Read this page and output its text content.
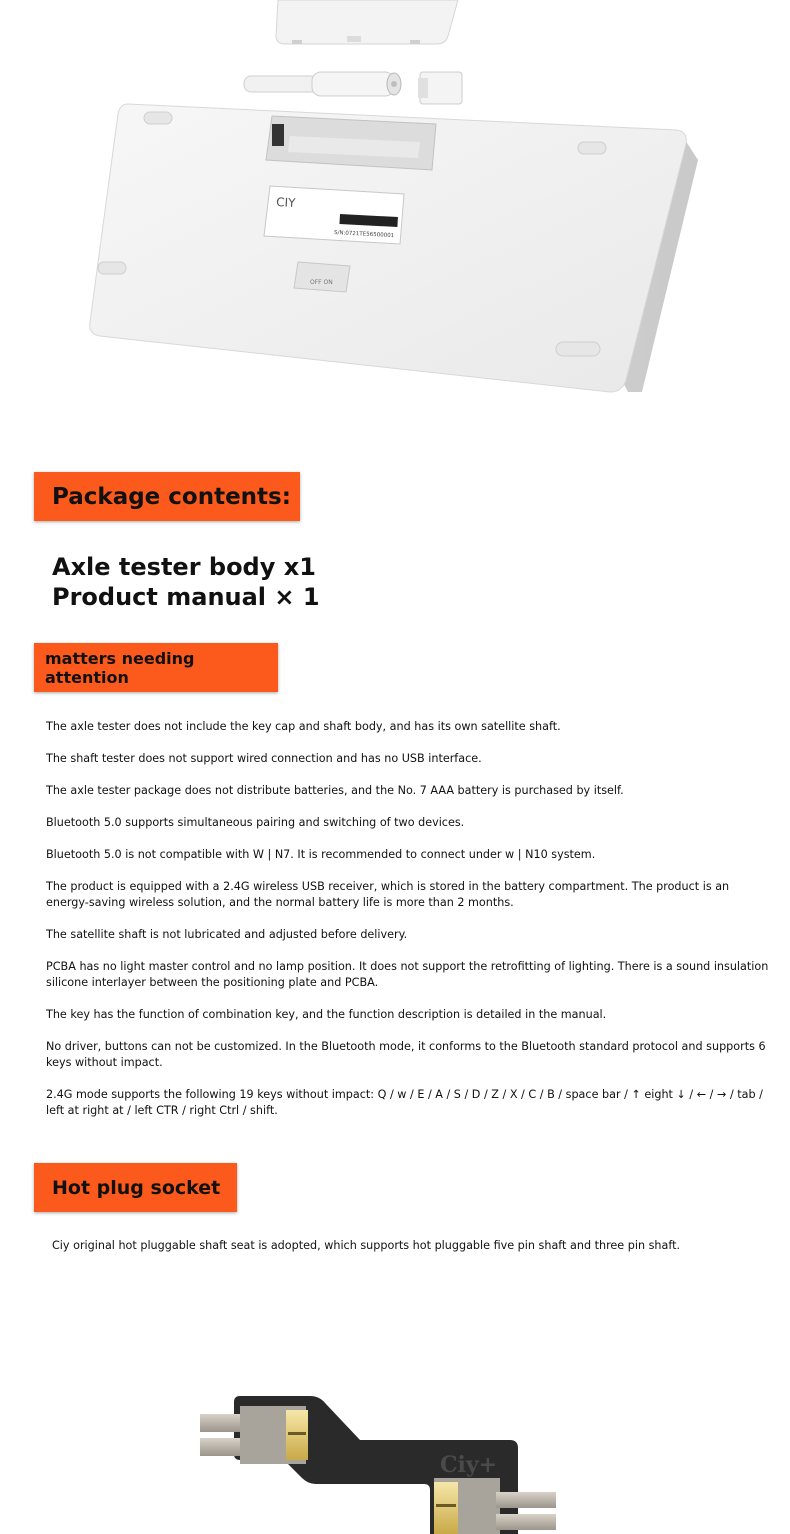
CIY
S/N:0721TE56500001
OFF ON
Package contents:
Axle tester body x1
Product manual × 1
matters needing attention
The axle tester does not include the key cap and shaft body, and has its own satellite shaft.
The shaft tester does not support wired connection and has no USB interface.
The axle tester package does not distribute batteries, and the No. 7 AAA battery is purchased by itself.
Bluetooth 5.0 supports simultaneous pairing and switching of two devices.
Bluetooth 5.0 is not compatible with W | N7. It is recommended to connect under w | N10 system.
The product is equipped with a 2.4G wireless USB receiver, which is stored in the battery compartment. The product is an energy-saving wireless solution, and the normal battery life is more than 2 months.
The satellite shaft is not lubricated and adjusted before delivery.
PCBA has no light master control and no lamp position. It does not support the retrofitting of lighting. There is a sound insulation silicone interlayer between the positioning plate and PCBA.
The key has the function of combination key, and the function description is detailed in the manual.
No driver, buttons can not be customized. In the Bluetooth mode, it conforms to the Bluetooth standard protocol and supports 6 keys without impact.
2.4G mode supports the following 19 keys without impact: Q / w / E / A / S / D / Z / X / C / B / space bar / ↑ eight ↓ / ← / → / tab / left at right at / left CTR / right Ctrl / shift.
Hot plug socket
Ciy original hot pluggable shaft seat is adopted, which supports hot pluggable five pin shaft and three pin shaft.
Ciy+
